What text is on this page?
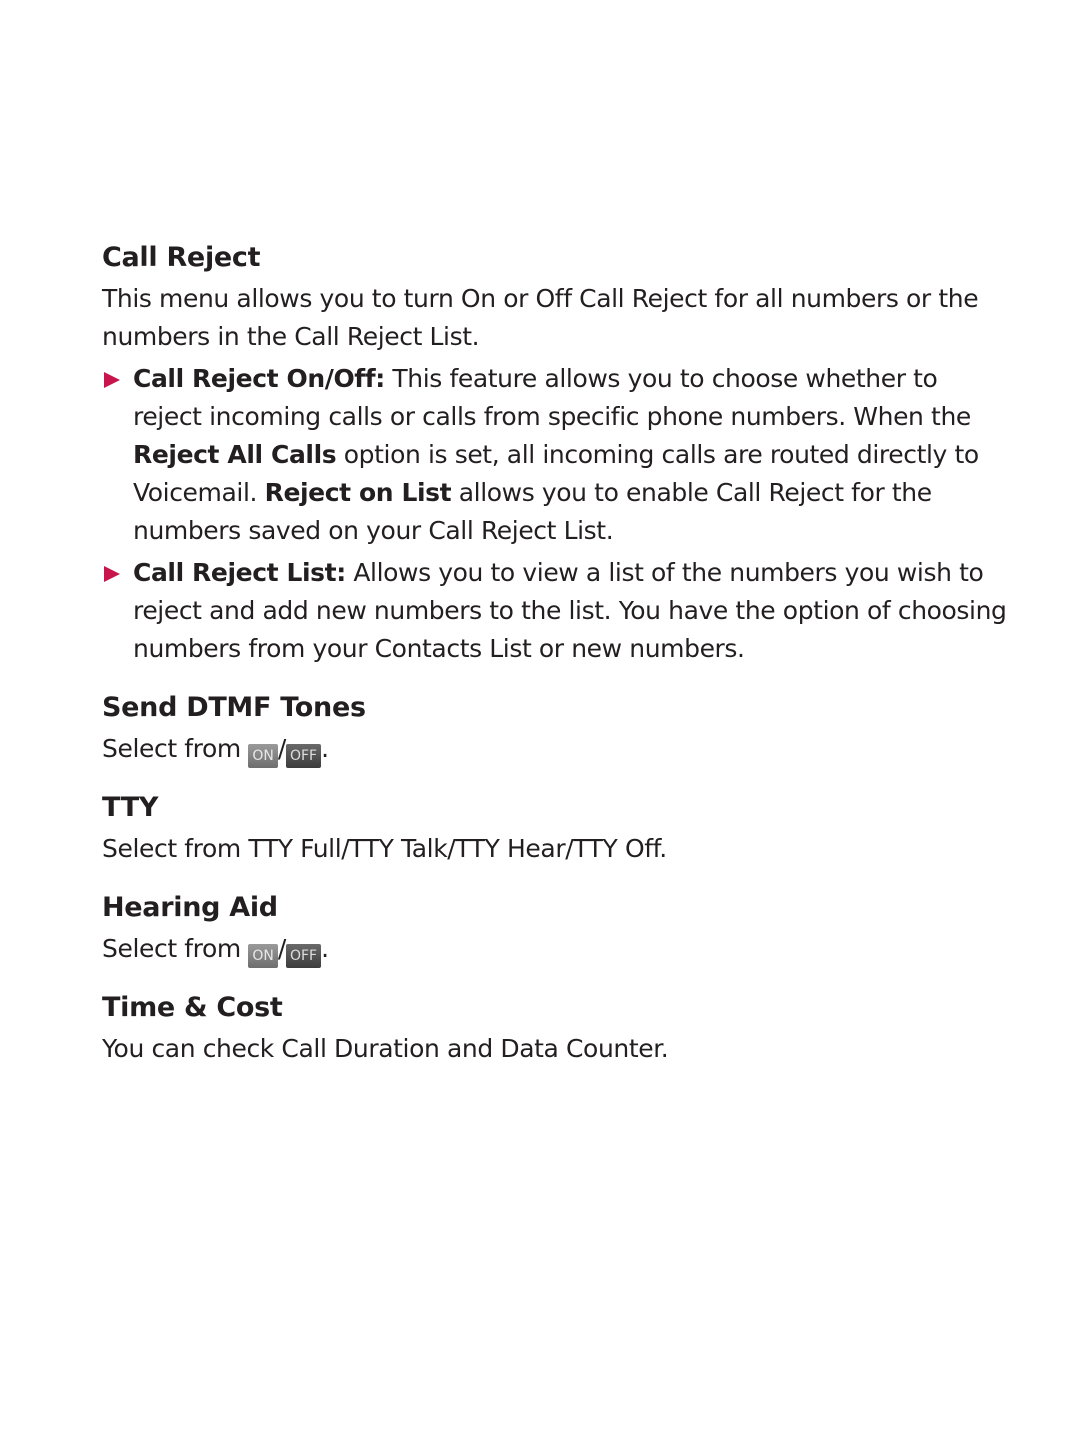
Call Reject

This menu allows you to turn On or Off Call Reject for all numbers or the numbers in the Call Reject List.

Call Reject On/Off: This feature allows you to choose whether to reject incoming calls or calls from specific phone numbers. When the Reject All Calls option is set, all incoming calls are routed directly to Voicemail. Reject on List allows you to enable Call Reject for the numbers saved on your Call Reject List.
Call Reject List: Allows you to view a list of the numbers you wish to reject and add new numbers to the list. You have the option of choosing numbers from your Contacts List or new numbers.
Send DTMF Tones

Select from ON / OFF .

TTY

Select from TTY Full/TTY Talk/TTY Hear/TTY Off.

Hearing Aid

Select from ON / OFF .

Time & Cost

You can check Call Duration and Data Counter.
